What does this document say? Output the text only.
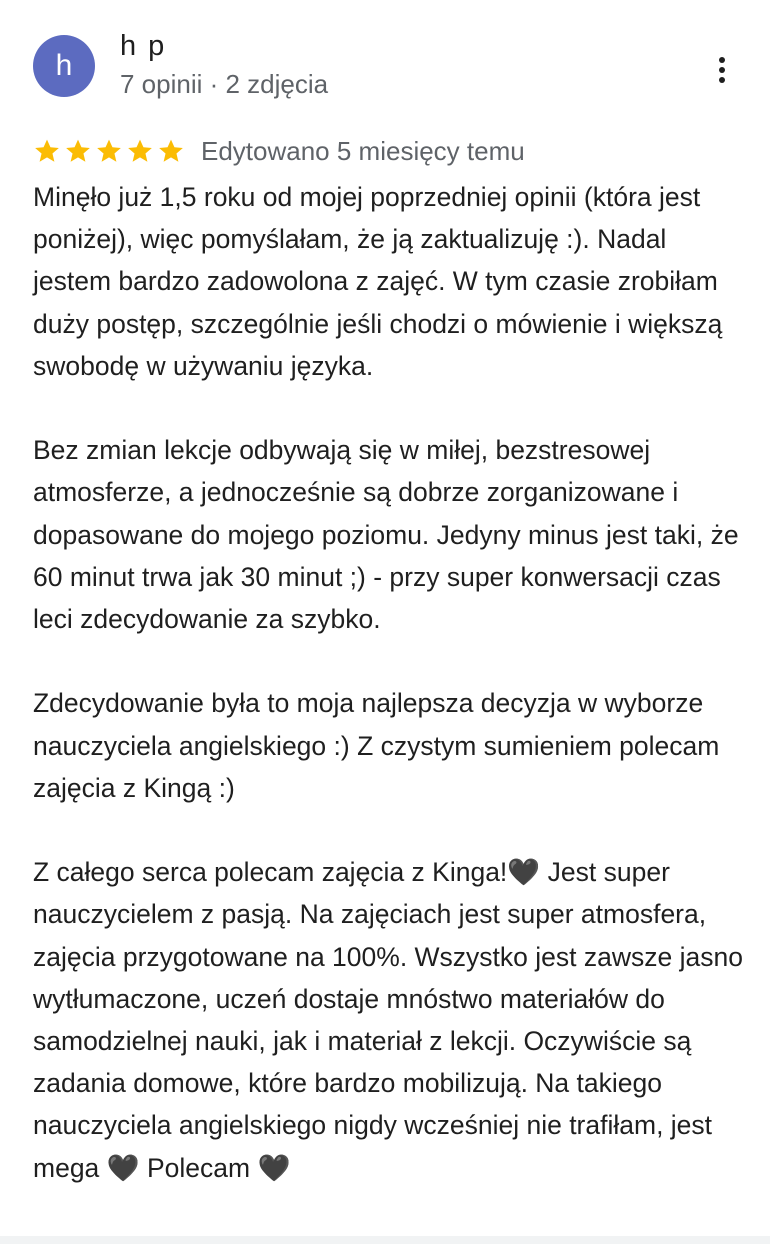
h
h p
7 opinii · 2 zdjęcia
Edytowano 5 miesięcy temu

Minęło już 1,5 roku od mojej poprzedniej opinii (która jest poniżej), więc pomyślałam, że ją zaktualizuję :). Nadal jestem bardzo zadowolona z zajęć. W tym czasie zrobiłam duży postęp, szczególnie jeśli chodzi o mówienie i większą swobodę w używaniu języka.

Bez zmian lekcje odbywają się w miłej, bezstresowej atmosferze, a jednocześnie są dobrze zorganizowane i dopasowane do mojego poziomu. Jedyny minus jest taki, że 60 minut trwa jak 30 minut ;) - przy super konwersacji czas leci zdecydowanie za szybko.

Zdecydowanie była to moja najlepsza decyzja w wyborze nauczyciela angielskiego :) Z czystym sumieniem polecam zajęcia z Kingą :)

Z całego serca polecam zajęcia z Kinga!🖤 Jest super nauczycielem z pasją. Na zajęciach jest super atmosfera, zajęcia przygotowane na 100%. Wszystko jest zawsze jasno wytłumaczone, uczeń dostaje mnóstwo materiałów do samodzielnej nauki, jak i materiał z lekcji. Oczywiście są zadania domowe, które bardzo mobilizują. Na takiego nauczyciela angielskiego nigdy wcześniej nie trafiłam, jest mega 🖤 Polecam 🖤
